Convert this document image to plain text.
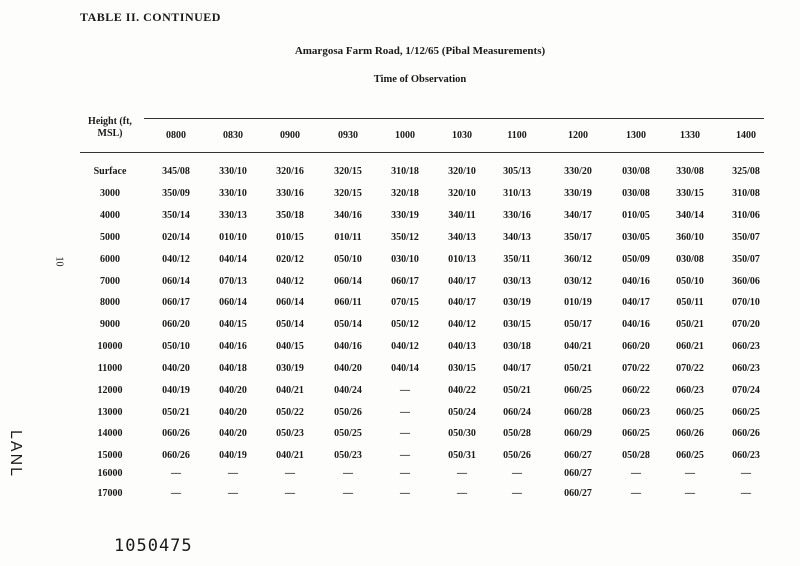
TABLE II. CONTINUED
Amargosa Farm Road, 1/12/65 (Pibal Measurements)
Time of Observation
Height (ft, MSL)	0800	0830	0900	0930	1000	1030	1100	1200	1300	1330	1400
Surface	345/08	330/10	320/16	320/15	310/18	320/10	305/13	330/20	030/08	330/08	325/08
3000	350/09	330/10	330/16	320/15	320/18	320/10	310/13	330/19	030/08	330/15	310/08
4000	350/14	330/13	350/18	340/16	330/19	340/11	330/16	340/17	010/05	340/14	310/06
5000	020/14	010/10	010/15	010/11	350/12	340/13	340/13	350/17	030/05	360/10	350/07
6000	040/12	040/14	020/12	050/10	030/10	010/13	350/11	360/12	050/09	030/08	350/07
7000	060/14	070/13	040/12	060/14	060/17	040/17	030/13	030/12	040/16	050/10	360/06
8000	060/17	060/14	060/14	060/11	070/15	040/17	030/19	010/19	040/17	050/11	070/10
9000	060/20	040/15	050/14	050/14	050/12	040/12	030/15	050/17	040/16	050/21	070/20
10000	050/10	040/16	040/15	040/16	040/12	040/13	030/18	040/21	060/20	060/21	060/23
11000	040/20	040/18	030/19	040/20	040/14	030/15	040/17	050/21	070/22	070/22	060/23
12000	040/19	040/20	040/21	040/24	—	040/22	050/21	060/25	060/22	060/23	070/24
13000	050/21	040/20	050/22	050/26	—	050/24	060/24	060/28	060/23	060/25	060/25
14000	060/26	040/20	050/23	050/25	—	050/30	050/28	060/29	060/25	060/26	060/26
15000	060/26	040/19	040/21	050/23	—	050/31	050/26	060/27	050/28	060/25	060/23
16000	—	—	—	—	—	—	—	060/27	—	—	—
17000	—	—	—	—	—	—	—	060/27	—	—	—
10
LANL
1050475
